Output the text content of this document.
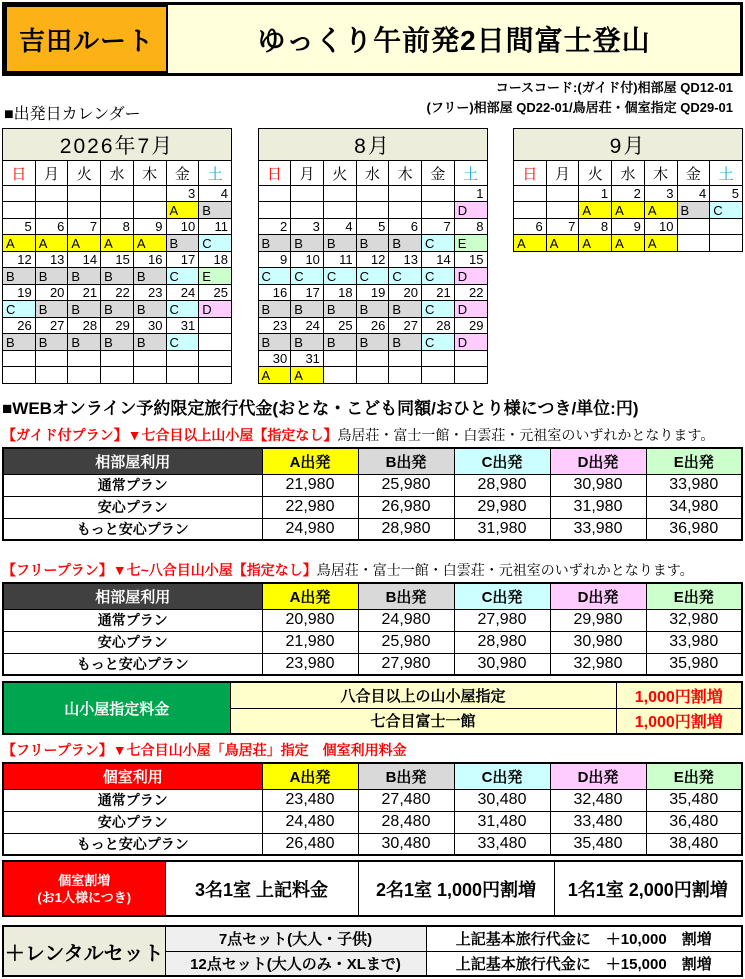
吉田ルート	ゆっくり午前発2日間富士登山
コースコード:(ガイド付)相部屋 QD12-01
(フリー)相部屋 QD22-01/鳥居荘・個室指定 QD29-01
■出発日カレンダー
2026年7月						
日	月	火	水	木	金	土
					3	4
					A	B
5	6	7	8	9	10	11
A	A	A	A	A	B	C
12	13	14	15	16	17	18
B	B	B	B	B	C	E
19	20	21	22	23	24	25
C	B	B	B	B	C	D
26	27	28	29	30	31	
B	B	B	B	B	C	

8月						
日	月	火	水	木	金	土
						1
						D
2	3	4	5	6	7	8
B	B	B	B	B	C	E
9	10	11	12	13	14	15
C	C	C	C	C	C	D
16	17	18	19	20	21	22
B	B	B	B	B	C	D
23	24	25	26	27	28	29
B	B	B	B	B	C	D
30	31					
A	A					
9月						
日	月	火	水	木	金	土
		1	2	3	4	5
		A	A	A	B	C
6	7	8	9	10		
A	A	A	A	A		
■WEBオンライン予約限定旅行代金(おとな・こども同額/おひとり様につき/単位:円)
【ガイド付プラン】▼七合目以上山小屋【指定なし】鳥居荘・富士一館・白雲荘・元祖室のいずれかとなります。
相部屋利用	A出発	B出発	C出発	D出発	E出発
通常プラン	21,980	25,980	28,980	30,980	33,980
安心プラン	22,980	26,980	29,980	31,980	34,980
もっと安心プラン	24,980	28,980	31,980	33,980	36,980
【フリープラン】▼七~八合目山小屋【指定なし】鳥居荘・富士一館・白雲荘・元祖室のいずれかとなります。
相部屋利用	A出発	B出発	C出発	D出発	E出発
通常プラン	20,980	24,980	27,980	29,980	32,980
安心プラン	21,980	25,980	28,980	30,980	33,980
もっと安心プラン	23,980	27,980	30,980	32,980	35,980
山小屋指定料金	八合目以上の山小屋指定	1,000円割増
	七合目富士一館	1,000円割増
【フリープラン】▼七合目山小屋「鳥居荘」指定　個室利用料金
個室利用	A出発	B出発	C出発	D出発	E出発
通常プラン	23,480	27,480	30,480	32,480	35,480
安心プラン	24,480	28,480	31,480	33,480	36,480
もっと安心プラン	26,480	30,480	33,480	35,480	38,480
個室割増
(お1人様につき)	3名1室 上記料金	2名1室 1,000円割増	1名1室 2,000円割増
＋レンタルセット	7点セット(大人・子供)	上記基本旅行代金に　＋10,000　割増
	12点セット(大人のみ・XLまで)	上記基本旅行代金に　＋15,000　割増
